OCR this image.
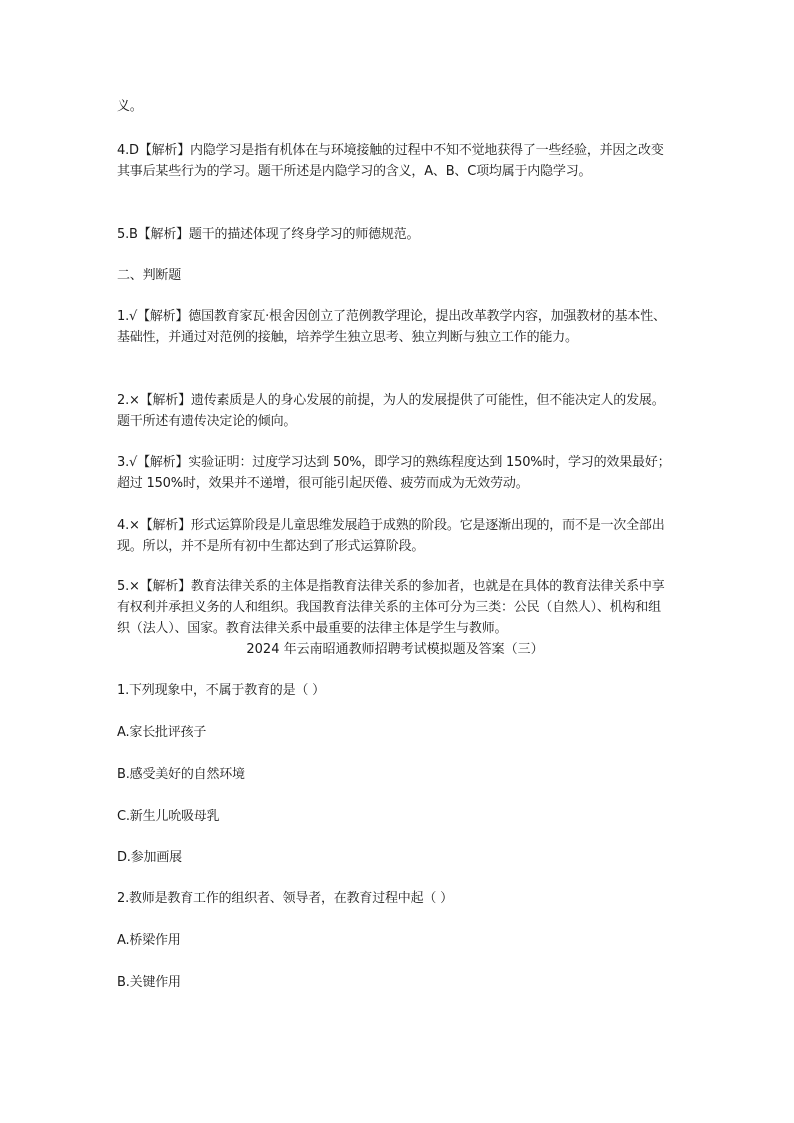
义。

4.D【解析】内隐学习是指有机体在与环境接触的过程中不知不觉地获得了一些经验，并因之改变其事后某些行为的学习。题干所述是内隐学习的含义，A、B、C项均属于内隐学习。

5.B【解析】题干的描述体现了终身学习的师德规范。

二、判断题

1.√【解析】德国教育家瓦·根舍因创立了范例教学理论，提出改革教学内容，加强教材的基本性、基础性，并通过对范例的接触，培养学生独立思考、独立判断与独立工作的能力。

2.×【解析】遗传素质是人的身心发展的前提，为人的发展提供了可能性，但不能决定人的发展。题干所述有遗传决定论的倾向。

3.√【解析】实验证明：过度学习达到 50%，即学习的熟练程度达到 150%时，学习的效果最好；超过 150%时，效果并不递增，很可能引起厌倦、疲劳而成为无效劳动。

4.×【解析】形式运算阶段是儿童思维发展趋于成熟的阶段。它是逐渐出现的，而不是一次全部出现。所以，并不是所有初中生都达到了形式运算阶段。

5.×【解析】教育法律关系的主体是指教育法律关系的参加者，也就是在具体的教育法律关系中享有权利并承担义务的人和组织。我国教育法律关系的主体可分为三类：公民（自然人）、机构和组织（法人）、国家。教育法律关系中最重要的法律主体是学生与教师。

2024 年云南昭通教师招聘考试模拟题及答案（三）

1.下列现象中，不属于教育的是（ ）

A.家长批评孩子

B.感受美好的自然环境

C.新生儿吮吸母乳

D.参加画展

2.教师是教育工作的组织者、领导者，在教育过程中起（ ）

A.桥梁作用

B.关键作用
